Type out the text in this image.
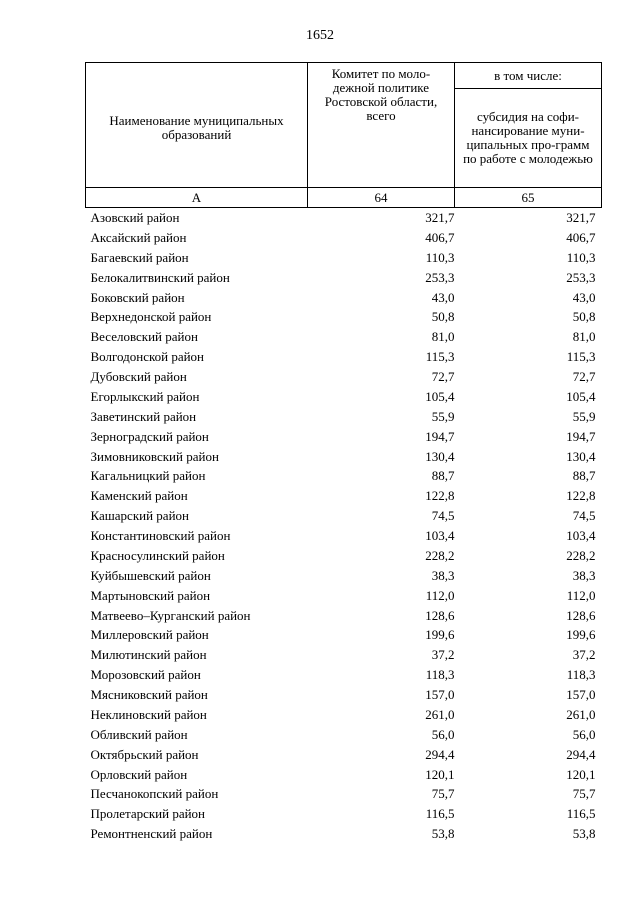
1652
Наименование муниципальных образований	Комитет по моло-дежной политике Ростовской области, всего	в том числе:
		субсидия на софи-нансирование муни-ципальных про-грамм по работе с молодежью
А	64	65
Азовский район	321,7	321,7
Аксайский район	406,7	406,7
Багаевский район	110,3	110,3
Белокалитвинский район	253,3	253,3
Боковский район	43,0	43,0
Верхнедонской район	50,8	50,8
Веселовский район	81,0	81,0
Волгодонской район	115,3	115,3
Дубовский район	72,7	72,7
Егорлыкский район	105,4	105,4
Заветинский район	55,9	55,9
Зерноградский район	194,7	194,7
Зимовниковский район	130,4	130,4
Кагальницкий район	88,7	88,7
Каменский район	122,8	122,8
Кашарский район	74,5	74,5
Константиновский район	103,4	103,4
Красносулинский район	228,2	228,2
Куйбышевский район	38,3	38,3
Мартыновский район	112,0	112,0
Матвеево–Курганский район	128,6	128,6
Миллеровский район	199,6	199,6
Милютинский район	37,2	37,2
Морозовский район	118,3	118,3
Мясниковский район	157,0	157,0
Неклиновский район	261,0	261,0
Обливский район	56,0	56,0
Октябрьский район	294,4	294,4
Орловский район	120,1	120,1
Песчанокопский район	75,7	75,7
Пролетарский район	116,5	116,5
Ремонтненский район	53,8	53,8
